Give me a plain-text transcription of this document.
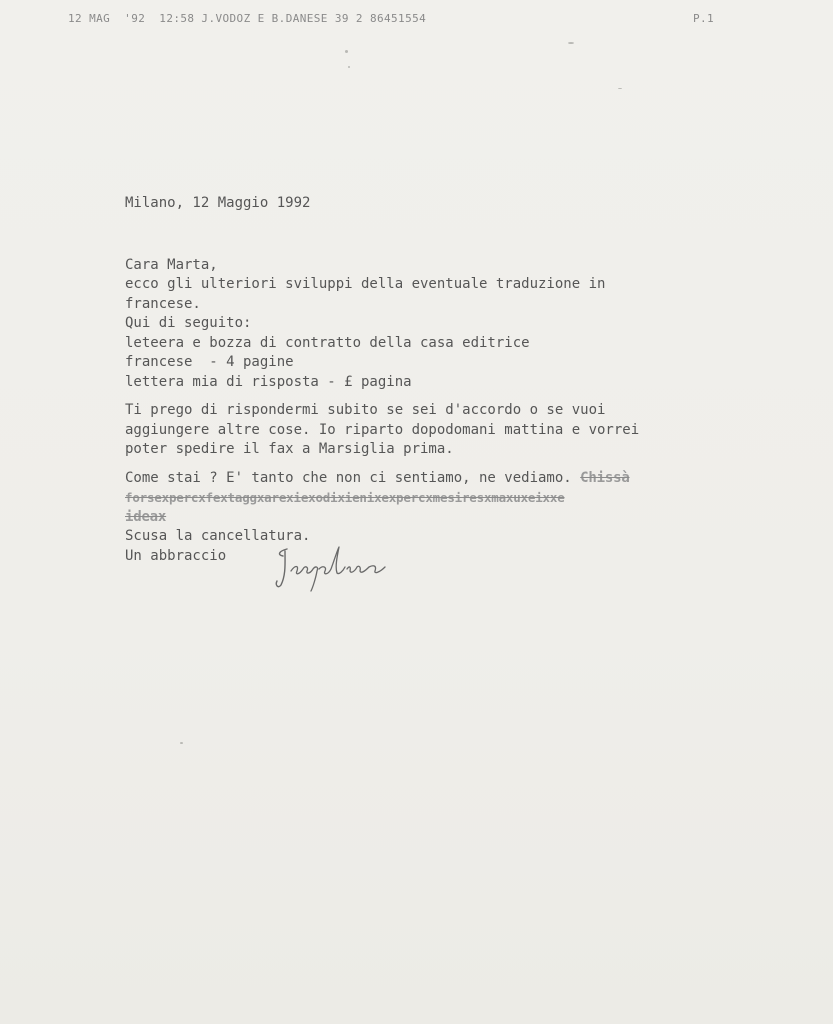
12 MAG  '92  12:58 J.VODOZ E B.DANESE 39 2 86451554	P.1

Milano, 12 Maggio 1992

Cara Marta,

ecco gli ulteriori sviluppi della eventuale traduzione in

francese.

Qui di seguito:

leteera e bozza di contratto della casa editrice

francese  - 4 pagine

lettera mia di risposta - £ pagina

Ti prego di rispondermi subito se sei d'accordo o se vuoi

aggiungere altre cose. Io riparto dopodomani mattina e vorrei

poter spedire il fax a Marsiglia prima.

Come stai ? E' tanto che non ci sentiamo, ne vediamo. Chissà

forsexpercxfextaggxarexiexodixienixexpercxmesiresxmaxuxeixxe

ideax

Scusa la cancellatura.

Un abbraccio
